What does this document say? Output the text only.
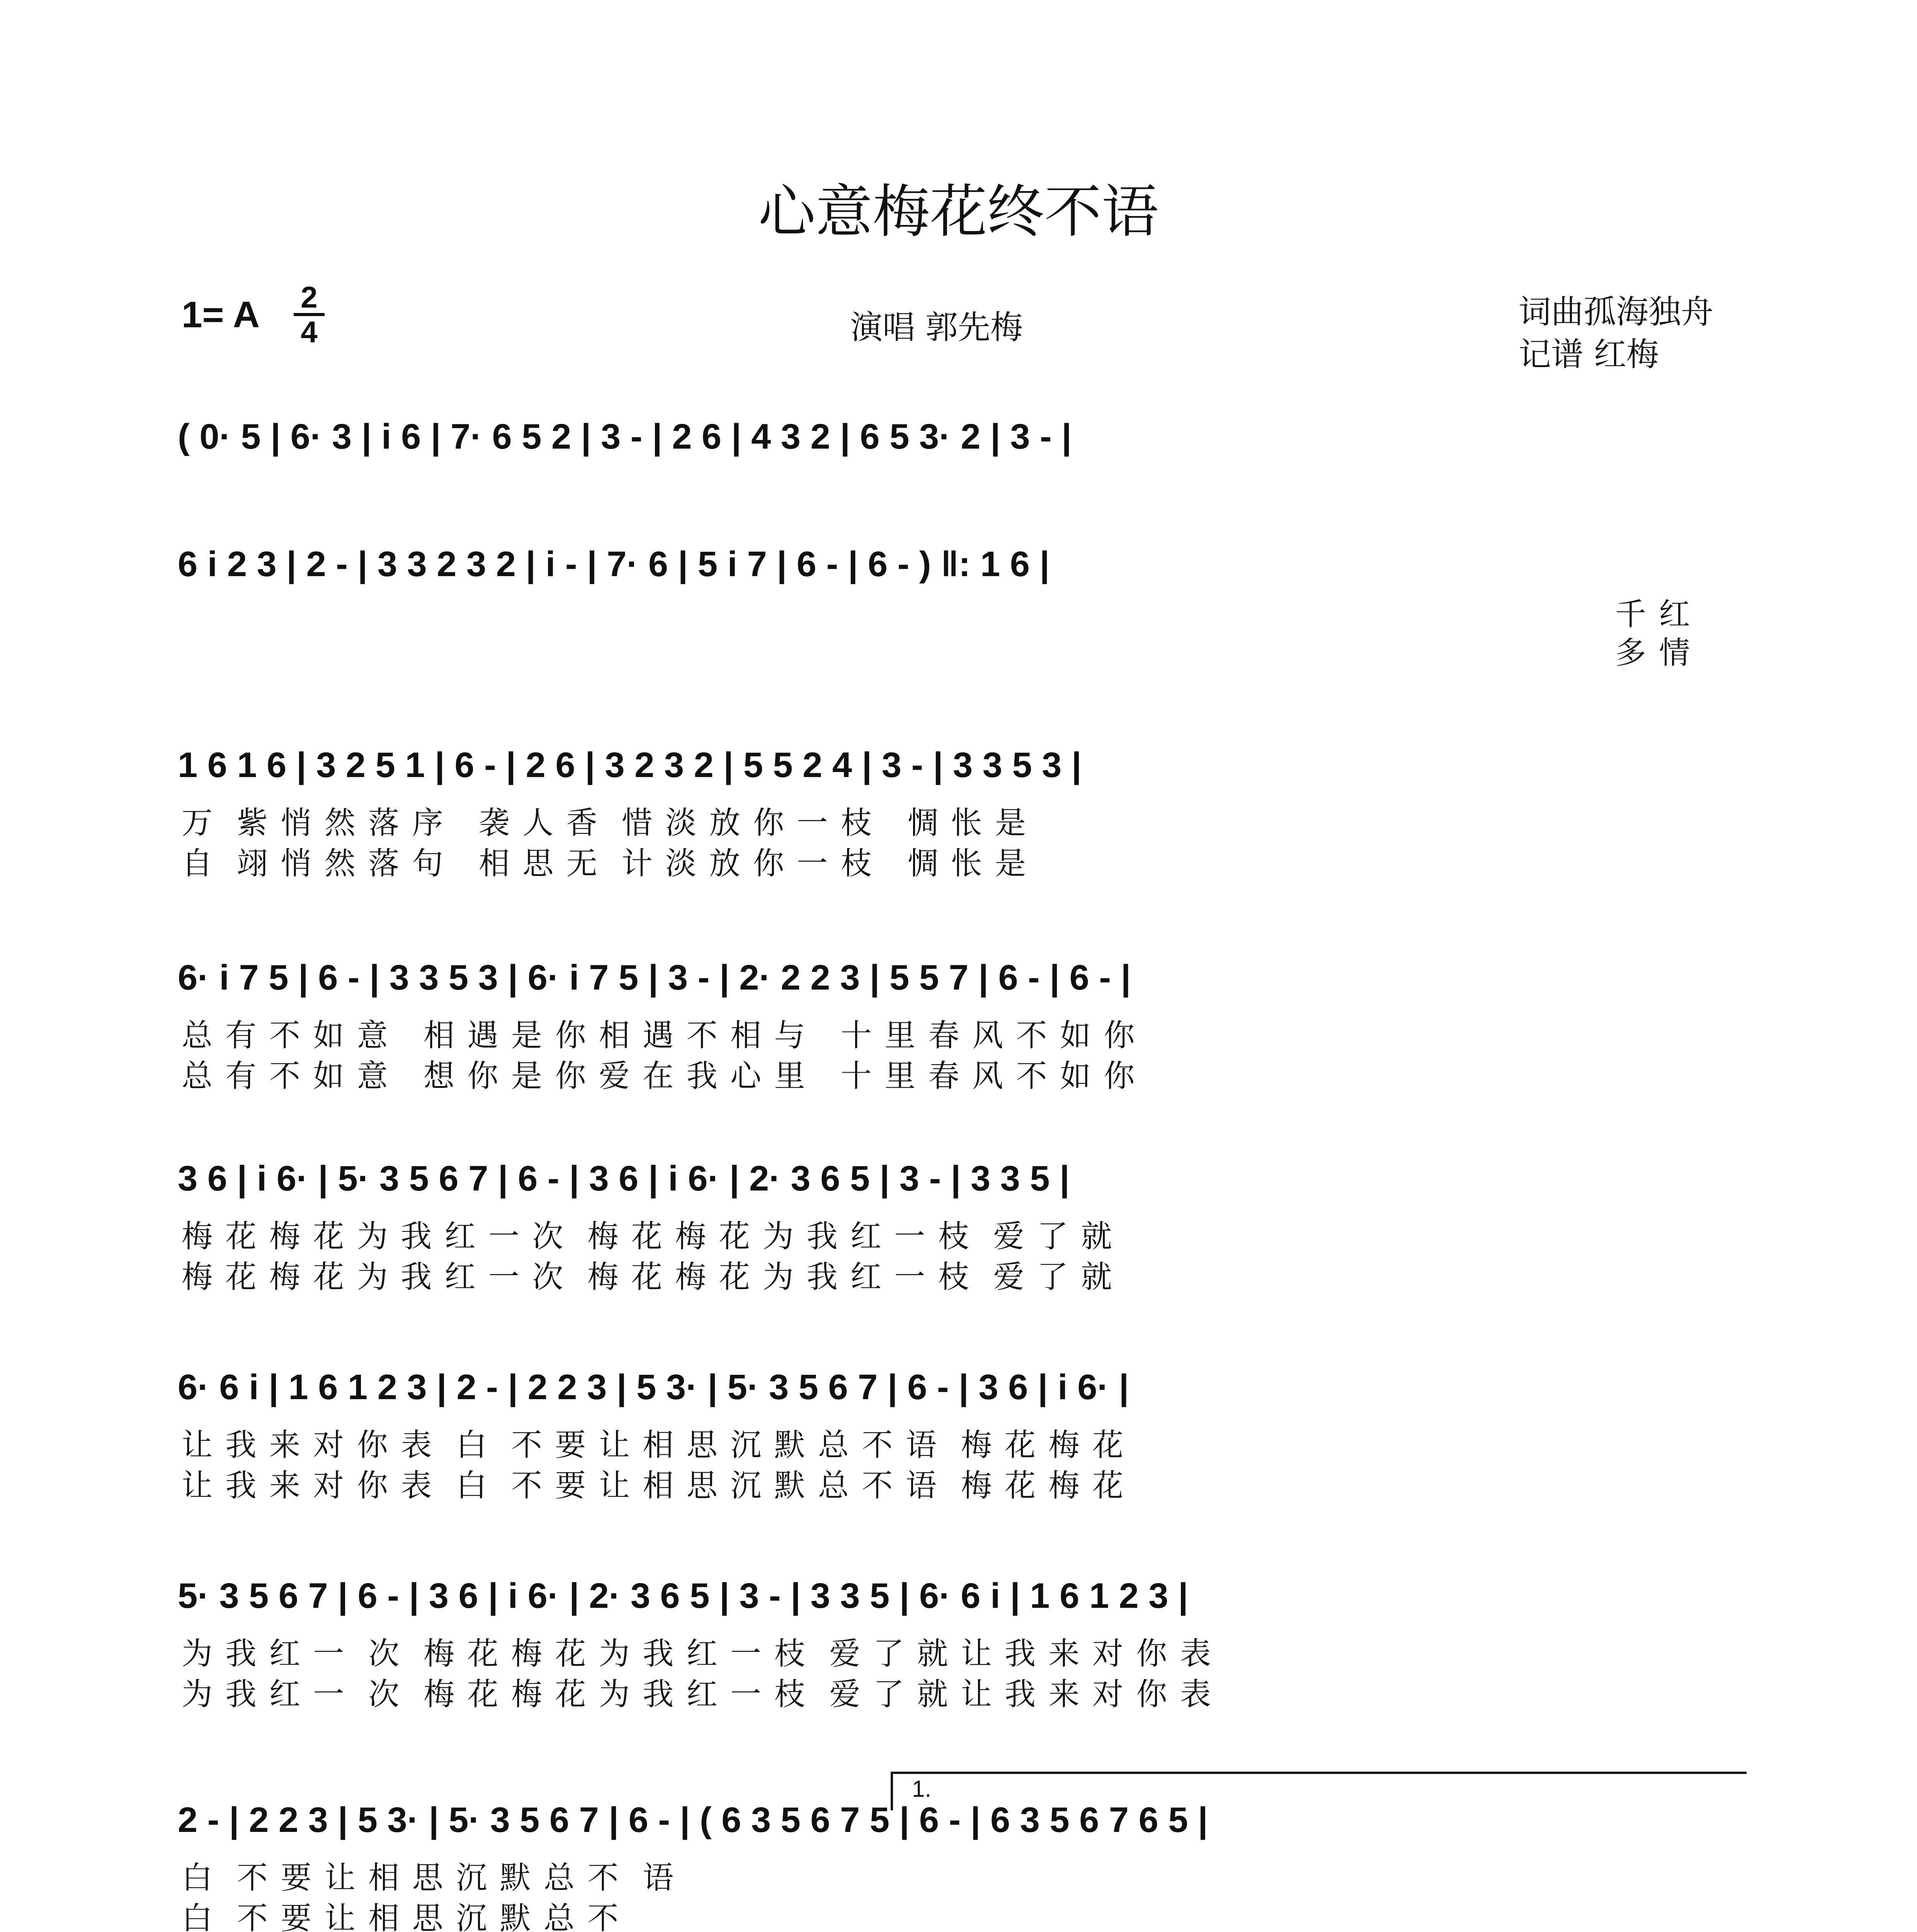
心意梅花终不语
1= A 2
4	演唱 郭先梅	词曲孤海独舟
记谱 红梅
( 0· 5 | 6· 3 | i 6 | 7· 6 5 2 | 3 - | 2 6 | 4 3 2 | 6 5 3· 2 | 3 - |
6 i 2 3 | 2 - | 3 3 2 3 2 | i - | 7· 6 | 5 i 7 | 6 - | 6 - ) ‖: 1 6 |
千 红
多 情
1 6 1 6 | 3 2 5 1 | 6 - | 2 6 | 3 2 3 2 | 5 5 2 4 | 3 - | 3 3 5 3 |
万  紫 悄 然 落 序   袭 人 香  惜 淡 放 你 一 枝   惆 怅 是
自  翊 悄 然 落 句   相 思 无  计 淡 放 你 一 枝   惆 怅 是
6· i 7 5 | 6 - | 3 3 5 3 | 6· i 7 5 | 3 - | 2· 2 2 3 | 5 5 7 | 6 - | 6 - |
总 有 不 如 意   相 遇 是 你 相 遇 不 相 与   十 里 春 风 不 如 你
总 有 不 如 意   想 你 是 你 爱 在 我 心 里   十 里 春 风 不 如 你
3 6 | i 6· | 5· 3 5 6 7 | 6 - | 3 6 | i 6· | 2· 3 6 5 | 3 - | 3 3 5 |
梅 花 梅 花 为 我 红 一 次  梅 花 梅 花 为 我 红 一 枝  爱 了 就
梅 花 梅 花 为 我 红 一 次  梅 花 梅 花 为 我 红 一 枝  爱 了 就
6· 6 i | 1 6 1 2 3 | 2 - | 2 2 3 | 5 3· | 5· 3 5 6 7 | 6 - | 3 6 | i 6· |
让 我 来 对 你 表  白  不 要 让 相 思 沉 默 总 不 语  梅 花 梅 花
让 我 来 对 你 表  白  不 要 让 相 思 沉 默 总 不 语  梅 花 梅 花
5· 3 5 6 7 | 6 - | 3 6 | i 6· | 2· 3 6 5 | 3 - | 3 3 5 | 6· 6 i | 1 6 1 2 3 |
为 我 红 一  次  梅 花 梅 花 为 我 红 一 枝  爱 了 就 让 我 来 对 你 表
为 我 红 一  次  梅 花 梅 花 为 我 红 一 枝  爱 了 就 让 我 来 对 你 表
1.
2 - | 2 2 3 | 5 3· | 5· 3 5 6 7 | 6 - | ( 6 3 5 6 7 5 | 6 - | 6 3 5 6 7 6 5 |
白  不 要 让 相 思 沉 默 总 不  语
白  不 要 让 相 思 沉 默 总 不
